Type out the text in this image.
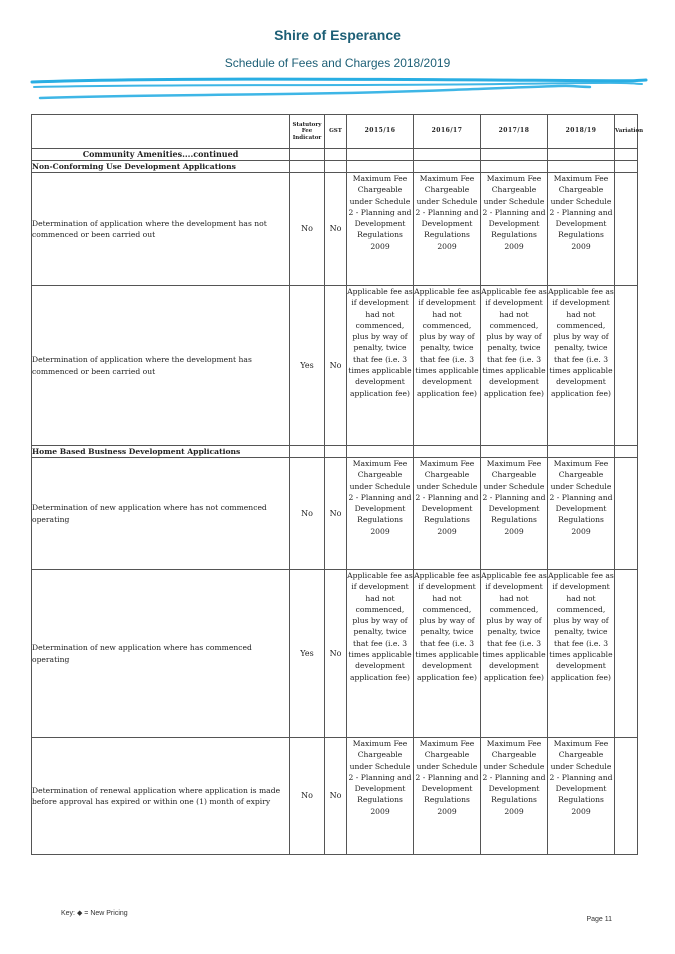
Shire of Esperance
Schedule of Fees and Charges 2018/2019
	Statutory Fee Indicator	GST	2015/16	2016/17	2017/18	2018/19	Variation
Community Amenities....continued							
Non-Conforming Use Development Applications							
Determination of application where the development has not commenced or been carried out	No	No	Maximum Fee Chargeable under Schedule 2 - Planning and Development Regulations 2009	Maximum Fee Chargeable under Schedule 2 - Planning and Development Regulations 2009	Maximum Fee Chargeable under Schedule 2 - Planning and Development Regulations 2009	Maximum Fee Chargeable under Schedule 2 - Planning and Development Regulations 2009	
Determination of application where the development has commenced or been carried out	Yes	No	Applicable fee as if development had not commenced, plus by way of penalty, twice that fee (i.e. 3 times applicable development application fee)	Applicable fee as if development had not commenced, plus by way of penalty, twice that fee (i.e. 3 times applicable development application fee)	Applicable fee as if development had not commenced, plus by way of penalty, twice that fee (i.e. 3 times applicable development application fee)	Applicable fee as if development had not commenced, plus by way of penalty, twice that fee (i.e. 3 times applicable development application fee)	
Home Based Business Development Applications							
Determination of new application where has not commenced operating	No	No	Maximum Fee Chargeable under Schedule 2 - Planning and Development Regulations 2009	Maximum Fee Chargeable under Schedule 2 - Planning and Development Regulations 2009	Maximum Fee Chargeable under Schedule 2 - Planning and Development Regulations 2009	Maximum Fee Chargeable under Schedule 2 - Planning and Development Regulations 2009	
Determination of new application where has commenced operating	Yes	No	Applicable fee as if development had not commenced, plus by way of penalty, twice that fee (i.e. 3 times applicable development application fee)	Applicable fee as if development had not commenced, plus by way of penalty, twice that fee (i.e. 3 times applicable development application fee)	Applicable fee as if development had not commenced, plus by way of penalty, twice that fee (i.e. 3 times applicable development application fee)	Applicable fee as if development had not commenced, plus by way of penalty, twice that fee (i.e. 3 times applicable development application fee)	
Determination of renewal application where application is made before approval has expired or within one (1) month of expiry	No	No	Maximum Fee Chargeable under Schedule 2 - Planning and Development Regulations 2009	Maximum Fee Chargeable under Schedule 2 - Planning and Development Regulations 2009	Maximum Fee Chargeable under Schedule 2 - Planning and Development Regulations 2009	Maximum Fee Chargeable under Schedule 2 - Planning and Development Regulations 2009	
Key: ◆ = New Pricing
Page 11
